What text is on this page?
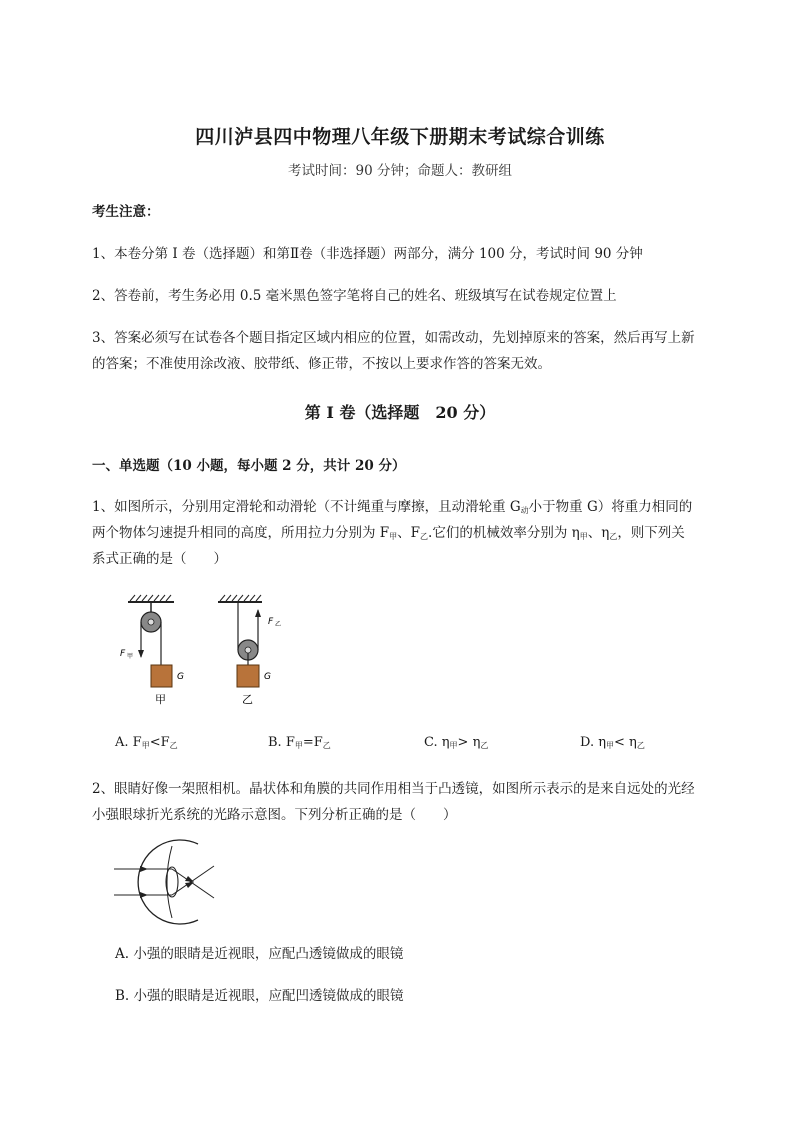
四川泸县四中物理八年级下册期末考试综合训练
考试时间：90 分钟；命题人：教研组
考生注意：
1、本卷分第 I 卷（选择题）和第Ⅱ卷（非选择题）两部分，满分 100 分，考试时间 90 分钟
2、答卷前，考生务必用 0.5 毫米黑色签字笔将自己的姓名、班级填写在试卷规定位置上
3、答案必须写在试卷各个题目指定区域内相应的位置，如需改动，先划掉原来的答案，然后再写上新
的答案；不准使用涂改液、胶带纸、修正带，不按以上要求作答的答案无效。
第 I 卷（选择题　20 分）
一、单选题（10 小题，每小题 2 分，共计 20 分）
1、如图所示，分别用定滑轮和动滑轮（不计绳重与摩擦，且动滑轮重 $G_动$小于物重 G）将重力相同的
两个物体匀速提升相同的高度，所用拉力分别为 $F_甲$、$F_乙$.它们的机械效率分别为 $\eta_甲$、$\eta_乙$，则下列关
系式正确的是（　　）
F 甲
G
甲
F 乙
G
乙
A. $F_甲<F_乙$	B. $F_甲=F_乙$	C. $\eta_甲> \eta_乙$	D. $\eta_甲< \eta_乙$
2、眼睛好像一架照相机。晶状体和角膜的共同作用相当于凸透镜，如图所示表示的是来自远处的光经
小强眼球折光系统的光路示意图。下列分析正确的是（　　）
A. 小强的眼睛是近视眼，应配凸透镜做成的眼镜
B. 小强的眼睛是近视眼，应配凹透镜做成的眼镜
